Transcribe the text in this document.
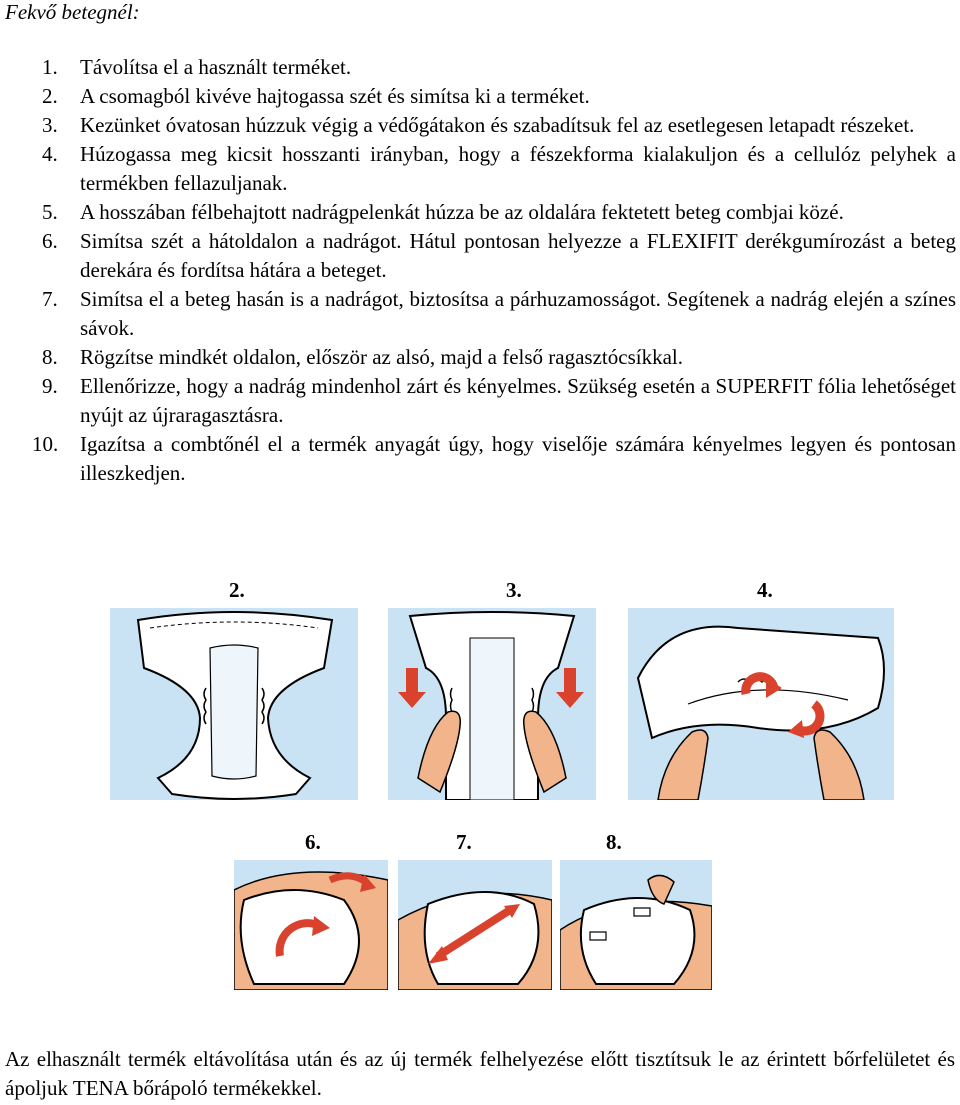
Fekvő betegnél:
1. Távolítsa el a használt terméket.
2. A csomagból kivéve hajtogassa szét és simítsa ki a terméket.
3. Kezünket óvatosan húzzuk végig a védőgátakon és szabadítsuk fel az esetlegesen letapadt részeket.
4. Húzogassa meg kicsit hosszanti irányban, hogy a fészekforma kialakuljon és a cellulóz pelyhek a termékben fellazuljanak.
5. A hosszában félbehajtott nadrágpelenkát húzza be az oldalára fektetett beteg combjai közé.
6. Simítsa szét a hátoldalon a nadrágot. Hátul pontosan helyezze a FLEXIFIT derékgumírozást a beteg derekára és fordítsa hátára a beteget.
7. Simítsa el a beteg hasán is a nadrágot, biztosítsa a párhuzamosságot. Segítenek a nadrág elején a színes sávok.
8. Rögzítse mindkét oldalon, először az alsó, majd a felső ragasztócsíkkal.
9. Ellenőrizze, hogy a nadrág mindenhol zárt és kényelmes. Szükség esetén a SUPERFIT fólia lehetőséget nyújt az újraragasztásra.
10. Igazítsa a combtőnél el a termék anyagát úgy, hogy viselője számára kényelmes legyen és pontosan illeszkedjen.
2.	3.	4.
6.	7.	8.
Az elhasznált termék eltávolítása után és az új termék felhelyezése előtt tisztítsuk le az érintett bőrfelületet és ápoljuk TENA bőrápoló termékekkel.
